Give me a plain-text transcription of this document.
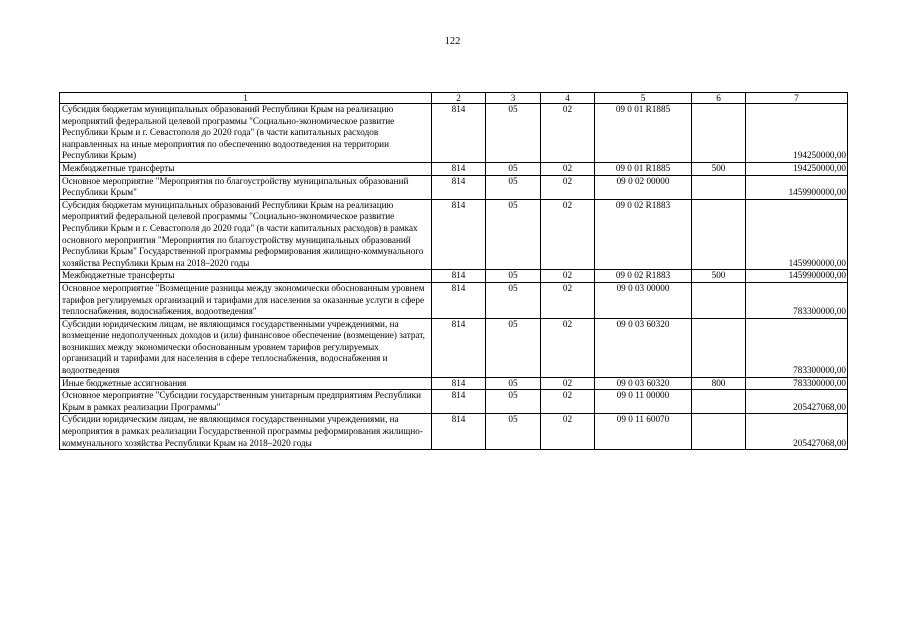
122
1	2	3	4	5	6	7
Субсидия бюджетам муниципальных образований Республики Крым на реализацию мероприятий федеральной целевой программы "Социально-экономическое развитие Республики Крым и г. Севастополя до 2020 года" (в части капитальных расходов направленных на иные мероприятия по обеспечению водоотведения на территории Республики Крым)	814	05	02	09 0 01 R1885		194250000,00
Межбюджетные трансферты	814	05	02	09 0 01 R1885	500	194250000,00
Основное мероприятие "Мероприятия по благоустройству муниципальных образований Республики Крым"	814	05	02	09 0 02 00000		1459900000,00
Субсидия бюджетам муниципальных образований Республики Крым на реализацию мероприятий федеральной целевой программы "Социально-экономическое развитие Республики Крым и г. Севастополя до 2020 года" (в части капитальных расходов) в рамках основного мероприятия "Мероприятия по благоустройству муниципальных образований Республики Крым" Государственной программы реформирования жилищно-коммунального хозяйства Республики Крым на 2018–2020 годы	814	05	02	09 0 02 R1883		1459900000,00
Межбюджетные трансферты	814	05	02	09 0 02 R1883	500	1459900000,00
Основное мероприятие "Возмещение разницы между экономически обоснованным уровнем тарифов регулируемых организаций и тарифами для населения за оказанные услуги в сфере теплоснабжения, водоснабжения, водоотведения"	814	05	02	09 0 03 00000		783300000,00
Субсидии юридическим лицам, не являющимся государственными учреждениями, на возмещение недополученных доходов и (или) финансовое обеспечение (возмещение) затрат, возникших между экономически обоснованным уровнем тарифов регулируемых организаций и тарифами для населения в сфере теплоснабжения, водоснабжения и водоотведения	814	05	02	09 0 03 60320		783300000,00
Иные бюджетные ассигнования	814	05	02	09 0 03 60320	800	783300000,00
Основное мероприятие "Субсидии государственным унитарным предприятиям Республики Крым в рамках реализации Программы"	814	05	02	09 0 11 00000		205427068,00
Субсидии юридическим лицам, не являющимся государственными учреждениями, на мероприятия в рамках реализации Государственной программы реформирования жилищно-коммунального хозяйства Республики Крым на 2018–2020 годы	814	05	02	09 0 11 60070		205427068,00
